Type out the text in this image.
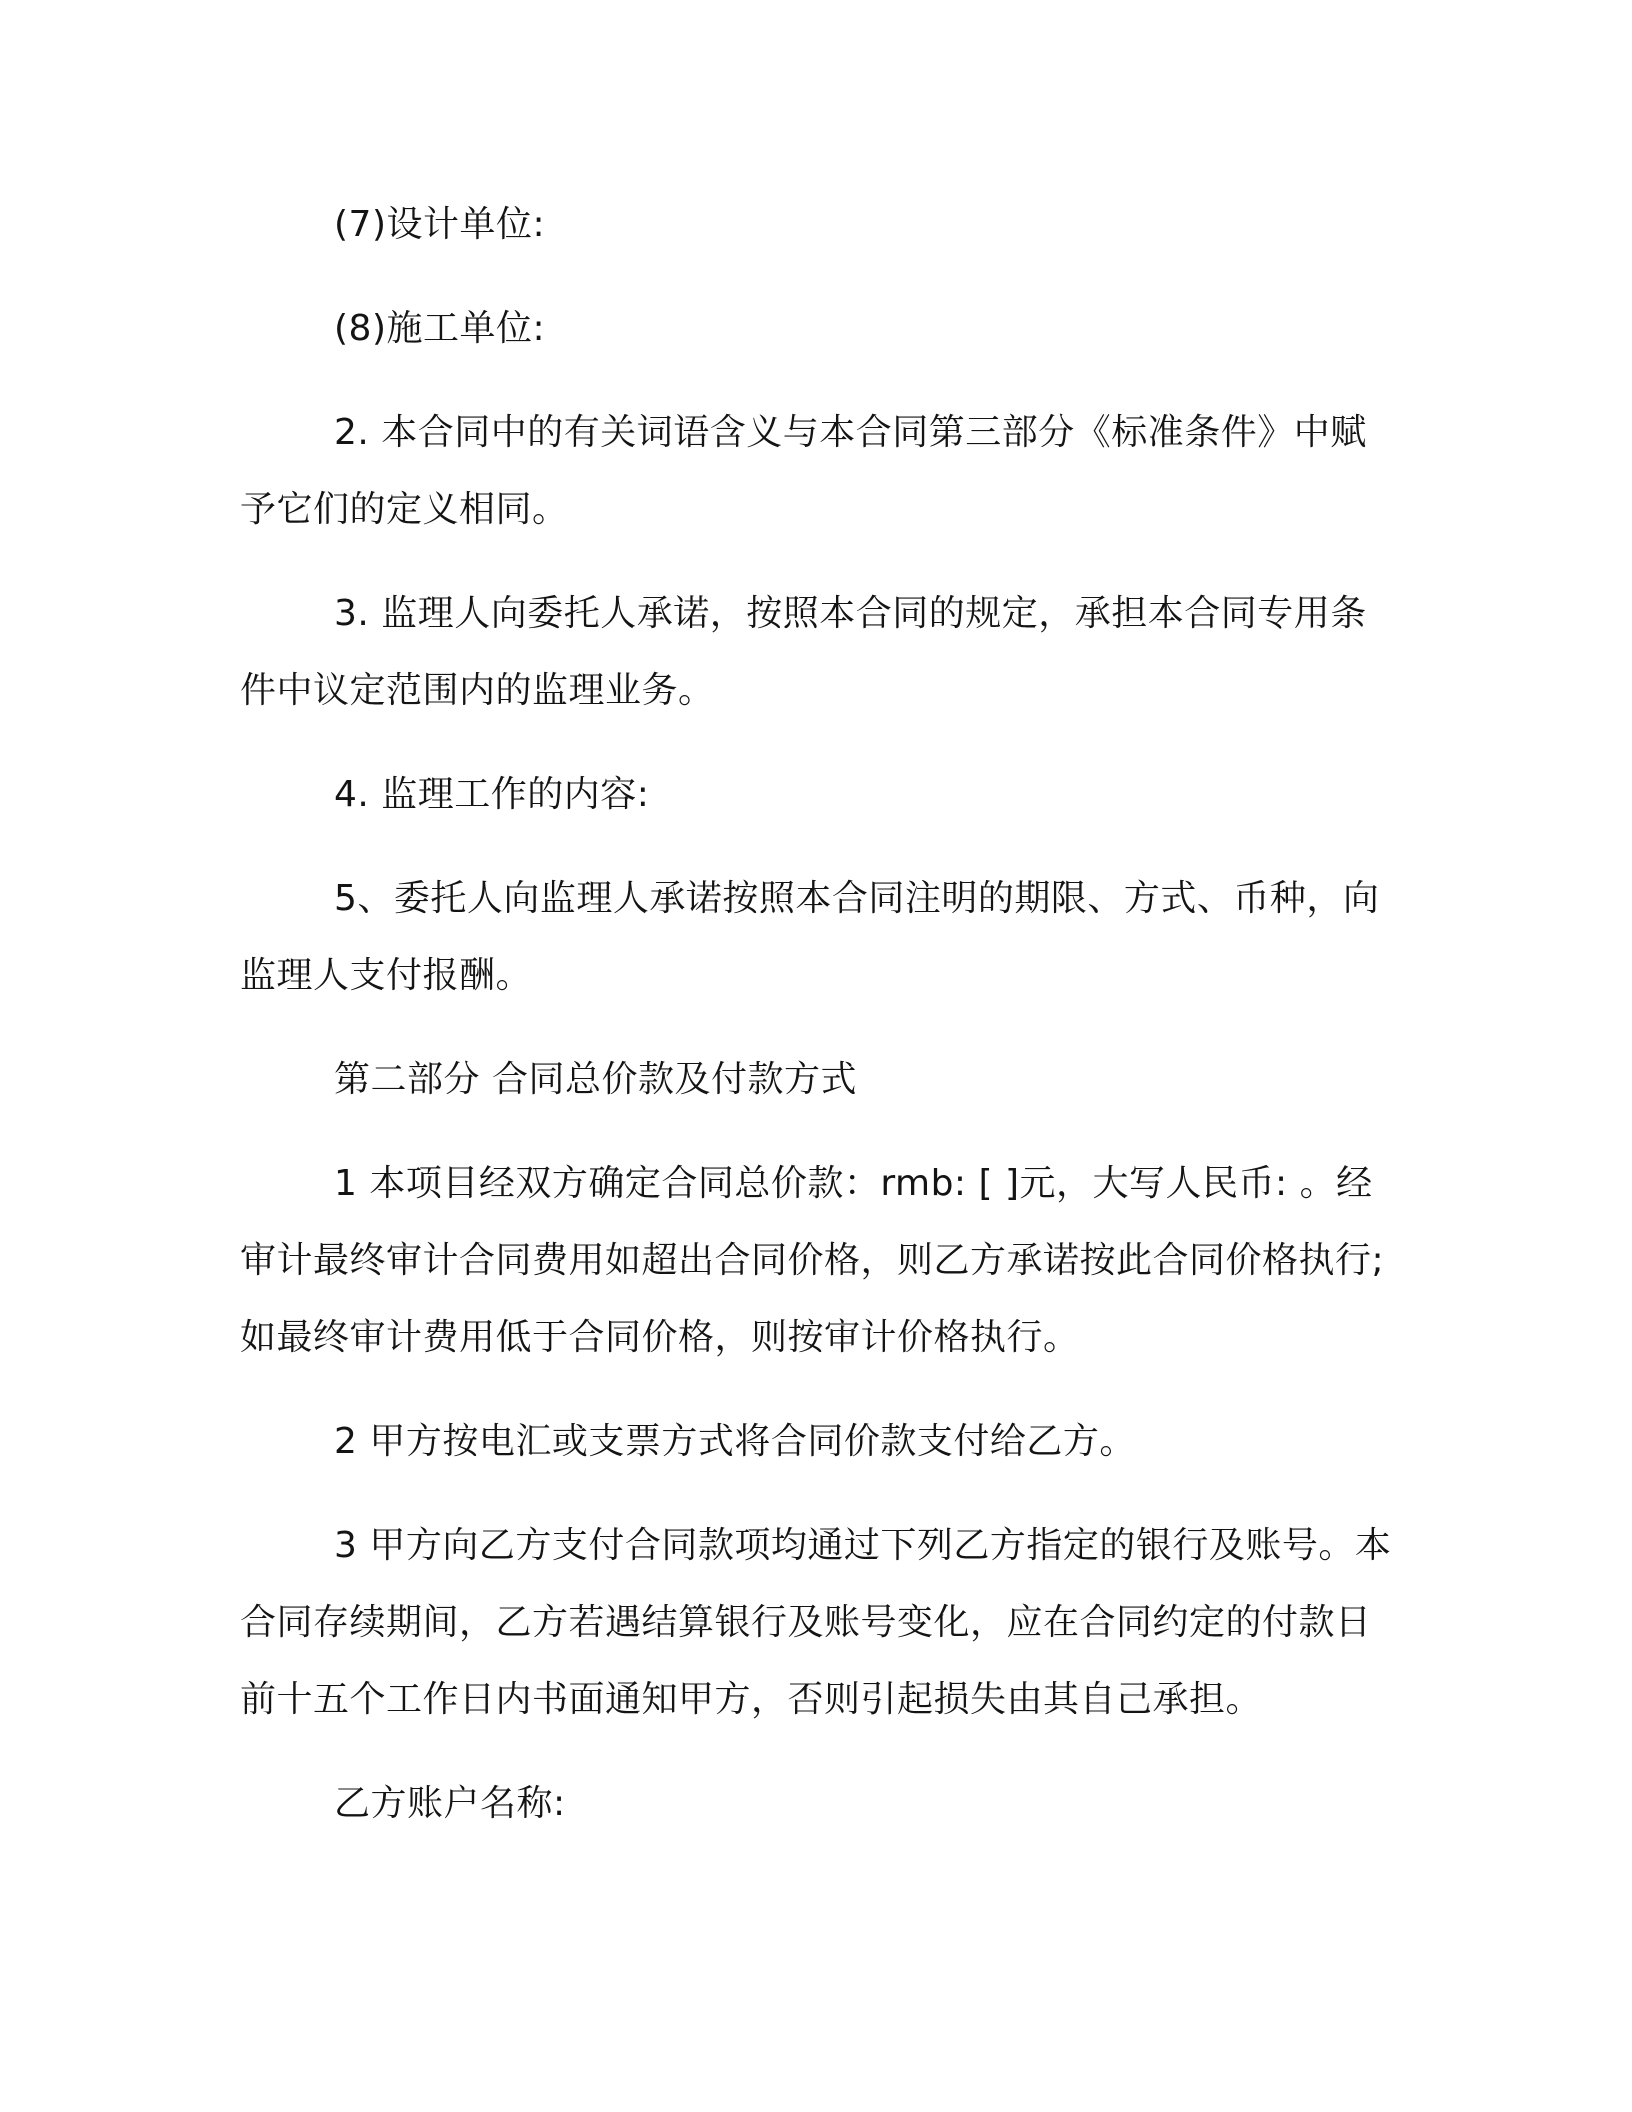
(7)设计单位:

(8)施工单位:

2. 本合同中的有关词语含义与本合同第三部分《标准条件》中赋予它们的定义相同。

3. 监理人向委托人承诺，按照本合同的规定，承担本合同专用条件中议定范围内的监理业务。

4. 监理工作的内容:

5、委托人向监理人承诺按照本合同注明的期限、方式、币种，向监理人支付报酬。

第二部分 合同总价款及付款方式

1 本项目经双方确定合同总价款：rmb: [ ]元，大写人民币: 。经审计最终审计合同费用如超出合同价格，则乙方承诺按此合同价格执行;如最终审计费用低于合同价格，则按审计价格执行。

2 甲方按电汇或支票方式将合同价款支付给乙方。

3 甲方向乙方支付合同款项均通过下列乙方指定的银行及账号。本合同存续期间，乙方若遇结算银行及账号变化，应在合同约定的付款日前十五个工作日内书面通知甲方，否则引起损失由其自己承担。

乙方账户名称:
